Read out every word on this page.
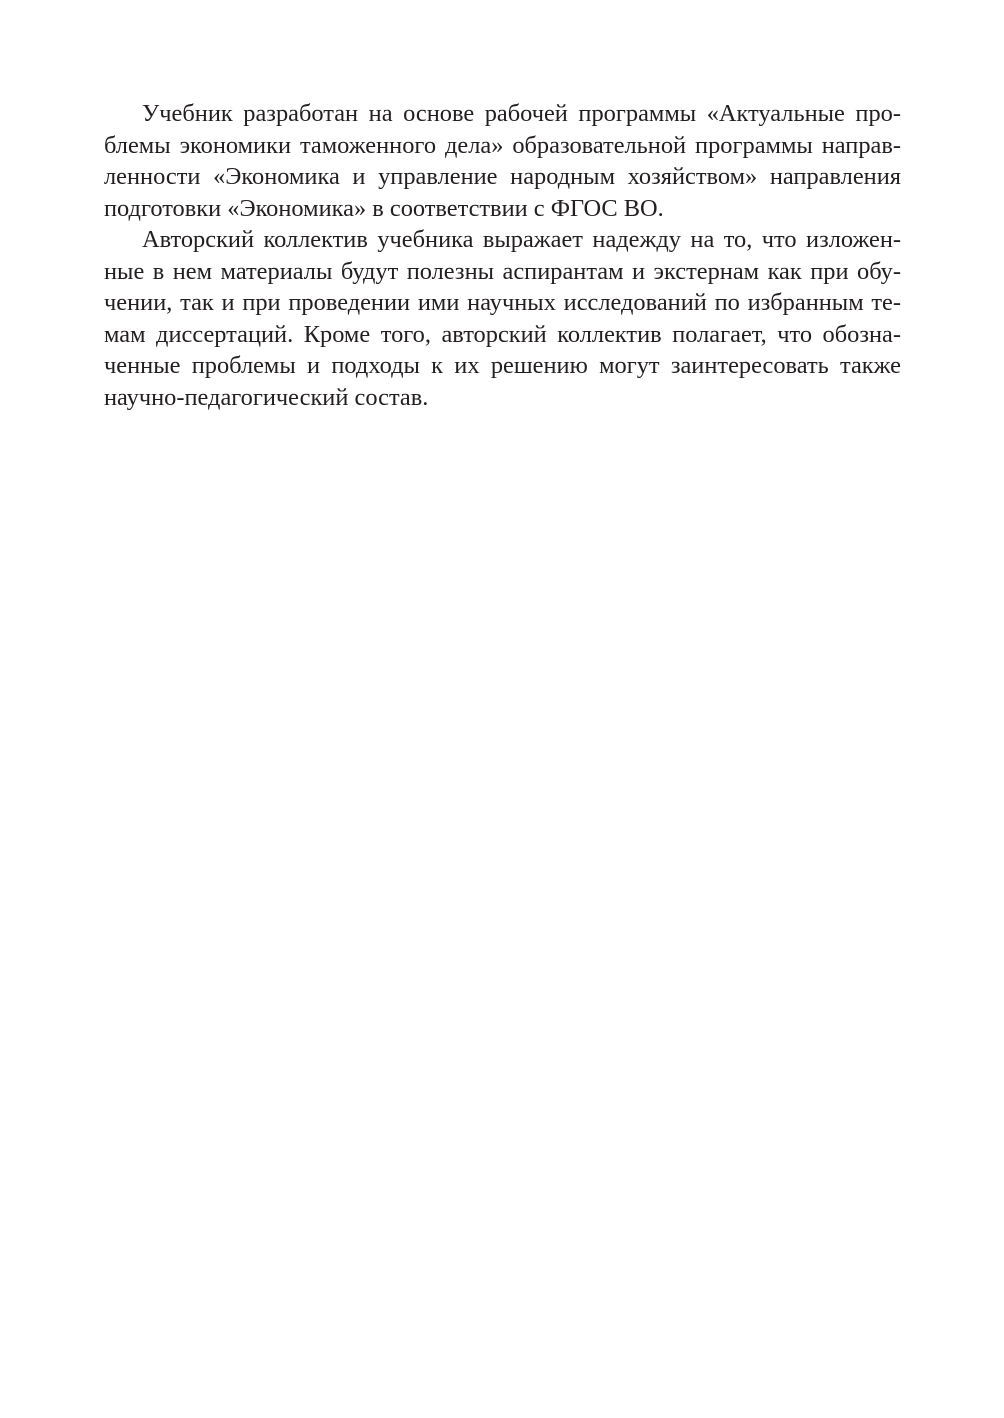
Учебник разработан на основе рабочей программы «Актуальные про-
блемы экономики таможенного дела» образовательной программы направ-
ленности «Экономика и управление народным хозяйством» направления
подготовки «Экономика» в соответствии с ФГОС ВО.
Авторский коллектив учебника выражает надежду на то, что изложен-
ные в нем материалы будут полезны аспирантам и экстернам как при обу-
чении, так и при проведении ими научных исследований по избранным те-
мам диссертаций. Кроме того, авторский коллектив полагает, что обозна-
ченные проблемы и подходы к их решению могут заинтересовать также
научно-педагогический состав.
